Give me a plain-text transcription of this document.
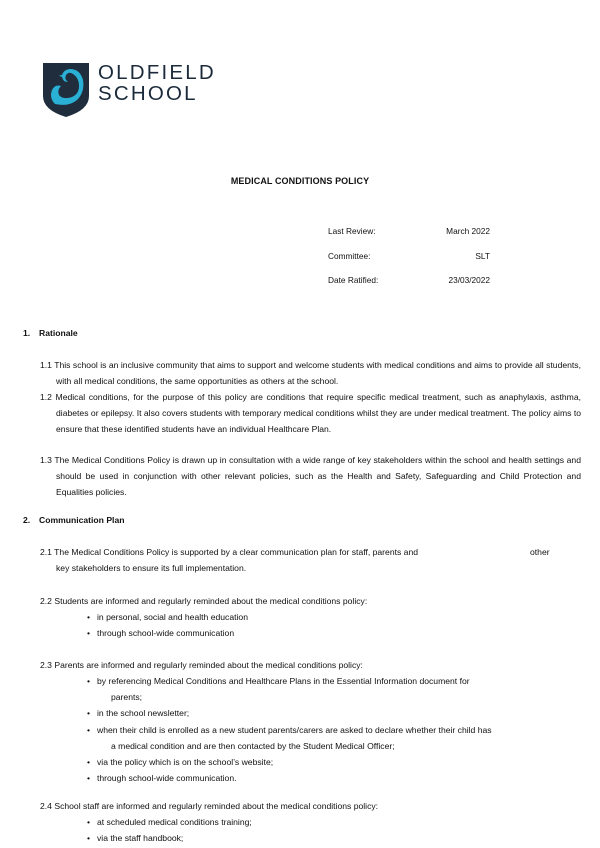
OLDFIELD
SCHOOL
MEDICAL CONDITIONS POLICY
Last Review:	March 2022
Committee:	SLT
Date Ratified:	23/03/2022
1. Rationale
1.1 This school is an inclusive community that aims to support and welcome students with medical conditions and aims to provide all students, with all medical conditions, the same opportunities as others at the school.
1.2 Medical conditions, for the purpose of this policy are conditions that require specific medical treatment, such as anaphylaxis, asthma, diabetes or epilepsy. It also covers students with temporary medical conditions whilst they are under medical treatment. The policy aims to ensure that these identified students have an individual Healthcare Plan.
1.3 The Medical Conditions Policy is drawn up in consultation with a wide range of key stakeholders within the school and health settings and should be used in conjunction with other relevant policies, such as the Health and Safety, Safeguarding and Child Protection and Equalities policies.
2. Communication Plan
2.1 The Medical Conditions Policy is supported by a clear communication plan for staff, parents and	other
key stakeholders to ensure its full implementation.
2.2 Students are informed and regularly reminded about the medical conditions policy:
• in personal, social and health education
• through school-wide communication
2.3 Parents are informed and regularly reminded about the medical conditions policy:
• by referencing Medical Conditions and Healthcare Plans in the Essential Information document for
parents;
• in the school newsletter;
• when their child is enrolled as a new student parents/carers are asked to declare whether their child has
a medical condition and are then contacted by the Student Medical Officer;
• via the policy which is on the school’s website;
• through school-wide communication.
2.4 School staff are informed and regularly reminded about the medical conditions policy:
• at scheduled medical conditions training;
• via the staff handbook;
